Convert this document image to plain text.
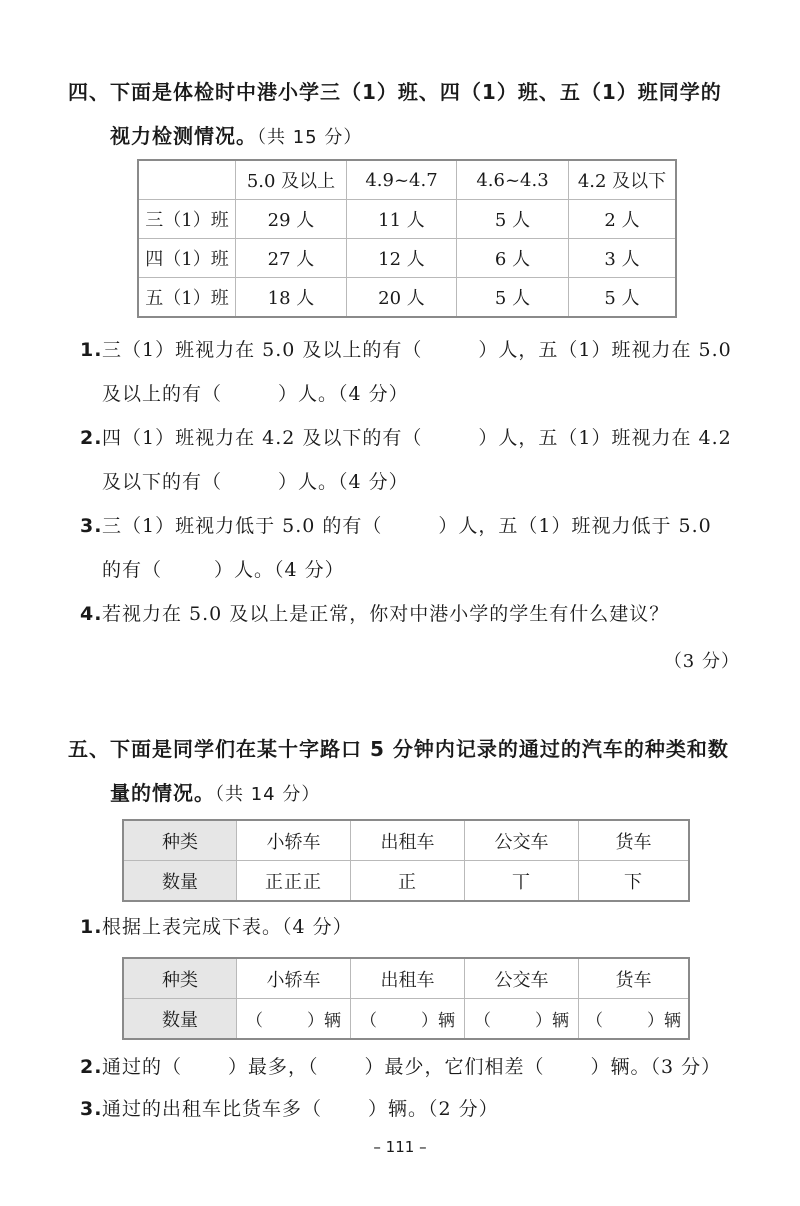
四、下面是体检时中港小学三（1）班、四（1）班、五（1）班同学的
视力检测情况。（共 15 分）
	5.0 及以上	4.9~4.7	4.6~4.3	4.2 及以下
三（1）班	29 人	11 人	5 人	2 人
四（1）班	27 人	12 人	6 人	3 人
五（1）班	18 人	20 人	5 人	5 人
1.三（1）班视力在 5.0 及以上的有（	）人，五（1）班视力在 5.0
及以上的有（	）人。（4 分）
2.四（1）班视力在 4.2 及以下的有（	）人，五（1）班视力在 4.2
及以下的有（	）人。（4 分）
3.三（1）班视力低于 5.0 的有（	）人，五（1）班视力低于 5.0
的有（	）人。（4 分）
4.若视力在 5.0 及以上是正常，你对中港小学的学生有什么建议？
（3 分）
五、下面是同学们在某十字路口 5 分钟内记录的通过的汽车的种类和数
量的情况。（共 14 分）
种类	小轿车	出租车	公交车	货车
数量	正正正	正	丅	下
1.根据上表完成下表。（4 分）
种类	小轿车	出租车	公交车	货车
数量	（ ）辆	（ ）辆	（ ）辆	（ ）辆
2.通过的（ ）最多，（ ）最少，它们相差（ ）辆。（3 分）
3.通过的出租车比货车多（ ）辆。（2 分）
– 111 –
